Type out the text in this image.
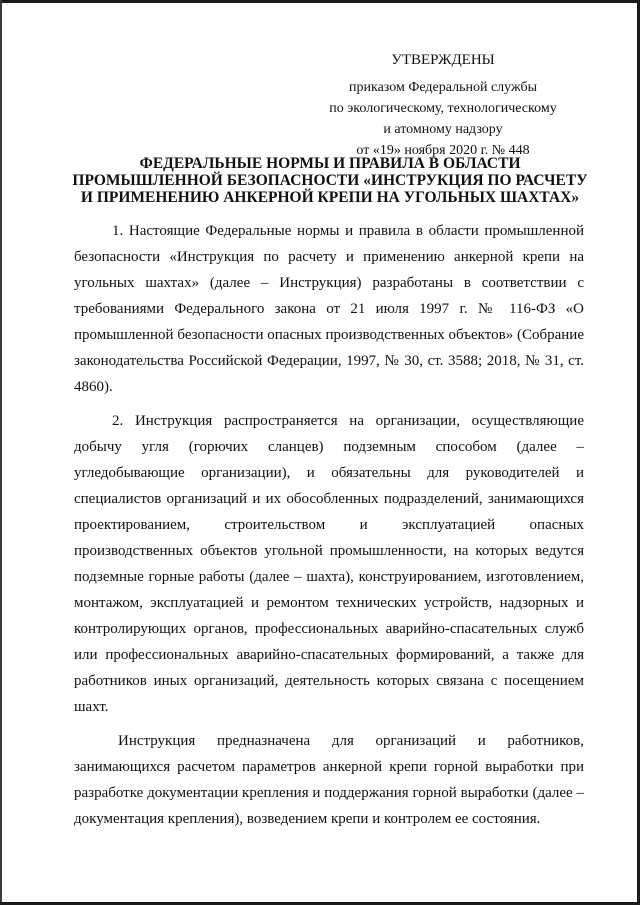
УТВЕРЖДЕНЫ
приказом Федеральной службы
по экологическому, технологическому
и атомному надзору
от «19» ноября 2020 г. № 448
ФЕДЕРАЛЬНЫЕ НОРМЫ И ПРАВИЛА В ОБЛАСТИ
ПРОМЫШЛЕННОЙ БЕЗОПАСНОСТИ «ИНСТРУКЦИЯ ПО РАСЧЕТУ
И ПРИМЕНЕНИЮ АНКЕРНОЙ КРЕПИ НА УГОЛЬНЫХ ШАХТАХ»

1. Настоящие Федеральные нормы и правила в области промышленной безопасности «Инструкция по расчету и применению анкерной крепи на угольных шахтах» (далее – Инструкция) разработаны в соответствии с требованиями Федерального закона от 21 июля 1997 г. № 116-ФЗ «О промышленной безопасности опасных производственных объектов» (Собрание законодательства Российской Федерации, 1997, № 30, ст. 3588; 2018, № 31, ст. 4860).

2. Инструкция распространяется на организации, осуществляющие добычу угля (горючих сланцев) подземным способом (далее – угледобывающие организации), и обязательны для руководителей и специалистов организаций и их обособленных подразделений, занимающихся проектированием, строительством и эксплуатацией опасных производственных объектов угольной промышленности, на которых ведутся подземные горные работы (далее – шахта), конструированием, изготовлением, монтажом, эксплуатацией и ремонтом технических устройств, надзорных и контролирующих органов, профессиональных аварийно-спасательных служб или профессиональных аварийно-спасательных формирований, а также для работников иных организаций, деятельность которых связана с посещением шахт.

Инструкция предназначена для организаций и работников, занимающихся расчетом параметров анкерной крепи горной выработки при разработке документации крепления и поддержания горной выработки (далее – документация крепления), возведением крепи и контролем ее состояния.
